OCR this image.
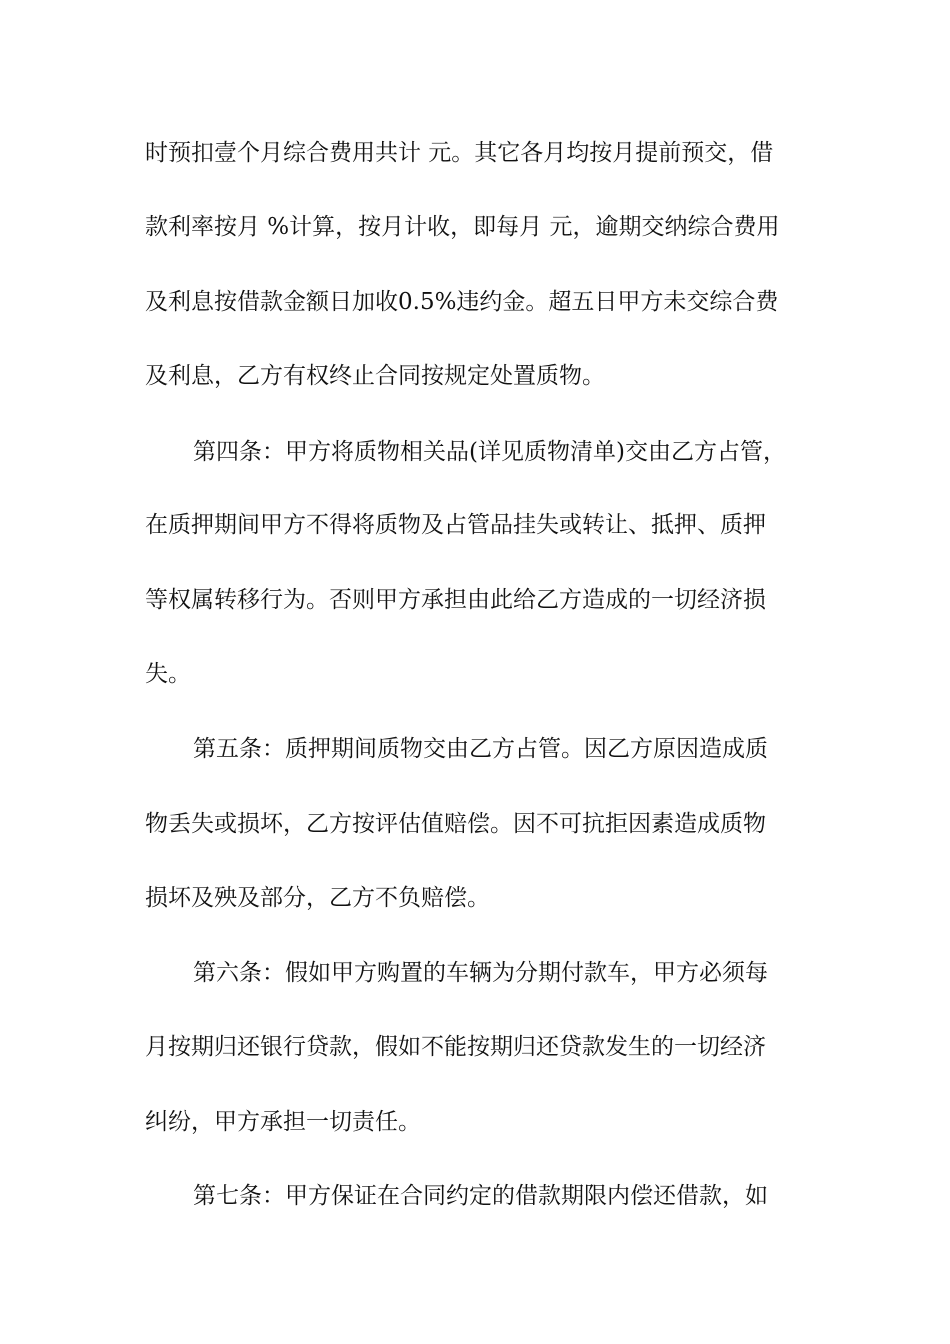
时预扣壹个月综合费用共计 元。其它各月均按月提前预交，借
款利率按月 %计算，按月计收，即每月 元，逾期交纳综合费用
及利息按借款金额日加收0.5%违约金。超五日甲方未交综合费
及利息，乙方有权终止合同按规定处置质物。
第四条：甲方将质物相关品(详见质物清单)交由乙方占管，
在质押期间甲方不得将质物及占管品挂失或转让、抵押、质押
等权属转移行为。否则甲方承担由此给乙方造成的一切经济损
失。
第五条：质押期间质物交由乙方占管。因乙方原因造成质
物丢失或损坏，乙方按评估值赔偿。因不可抗拒因素造成质物
损坏及殃及部分，乙方不负赔偿。
第六条：假如甲方购置的车辆为分期付款车，甲方必须每
月按期归还银行贷款，假如不能按期归还贷款发生的一切经济
纠纷，甲方承担一切责任。
第七条：甲方保证在合同约定的借款期限内偿还借款，如
